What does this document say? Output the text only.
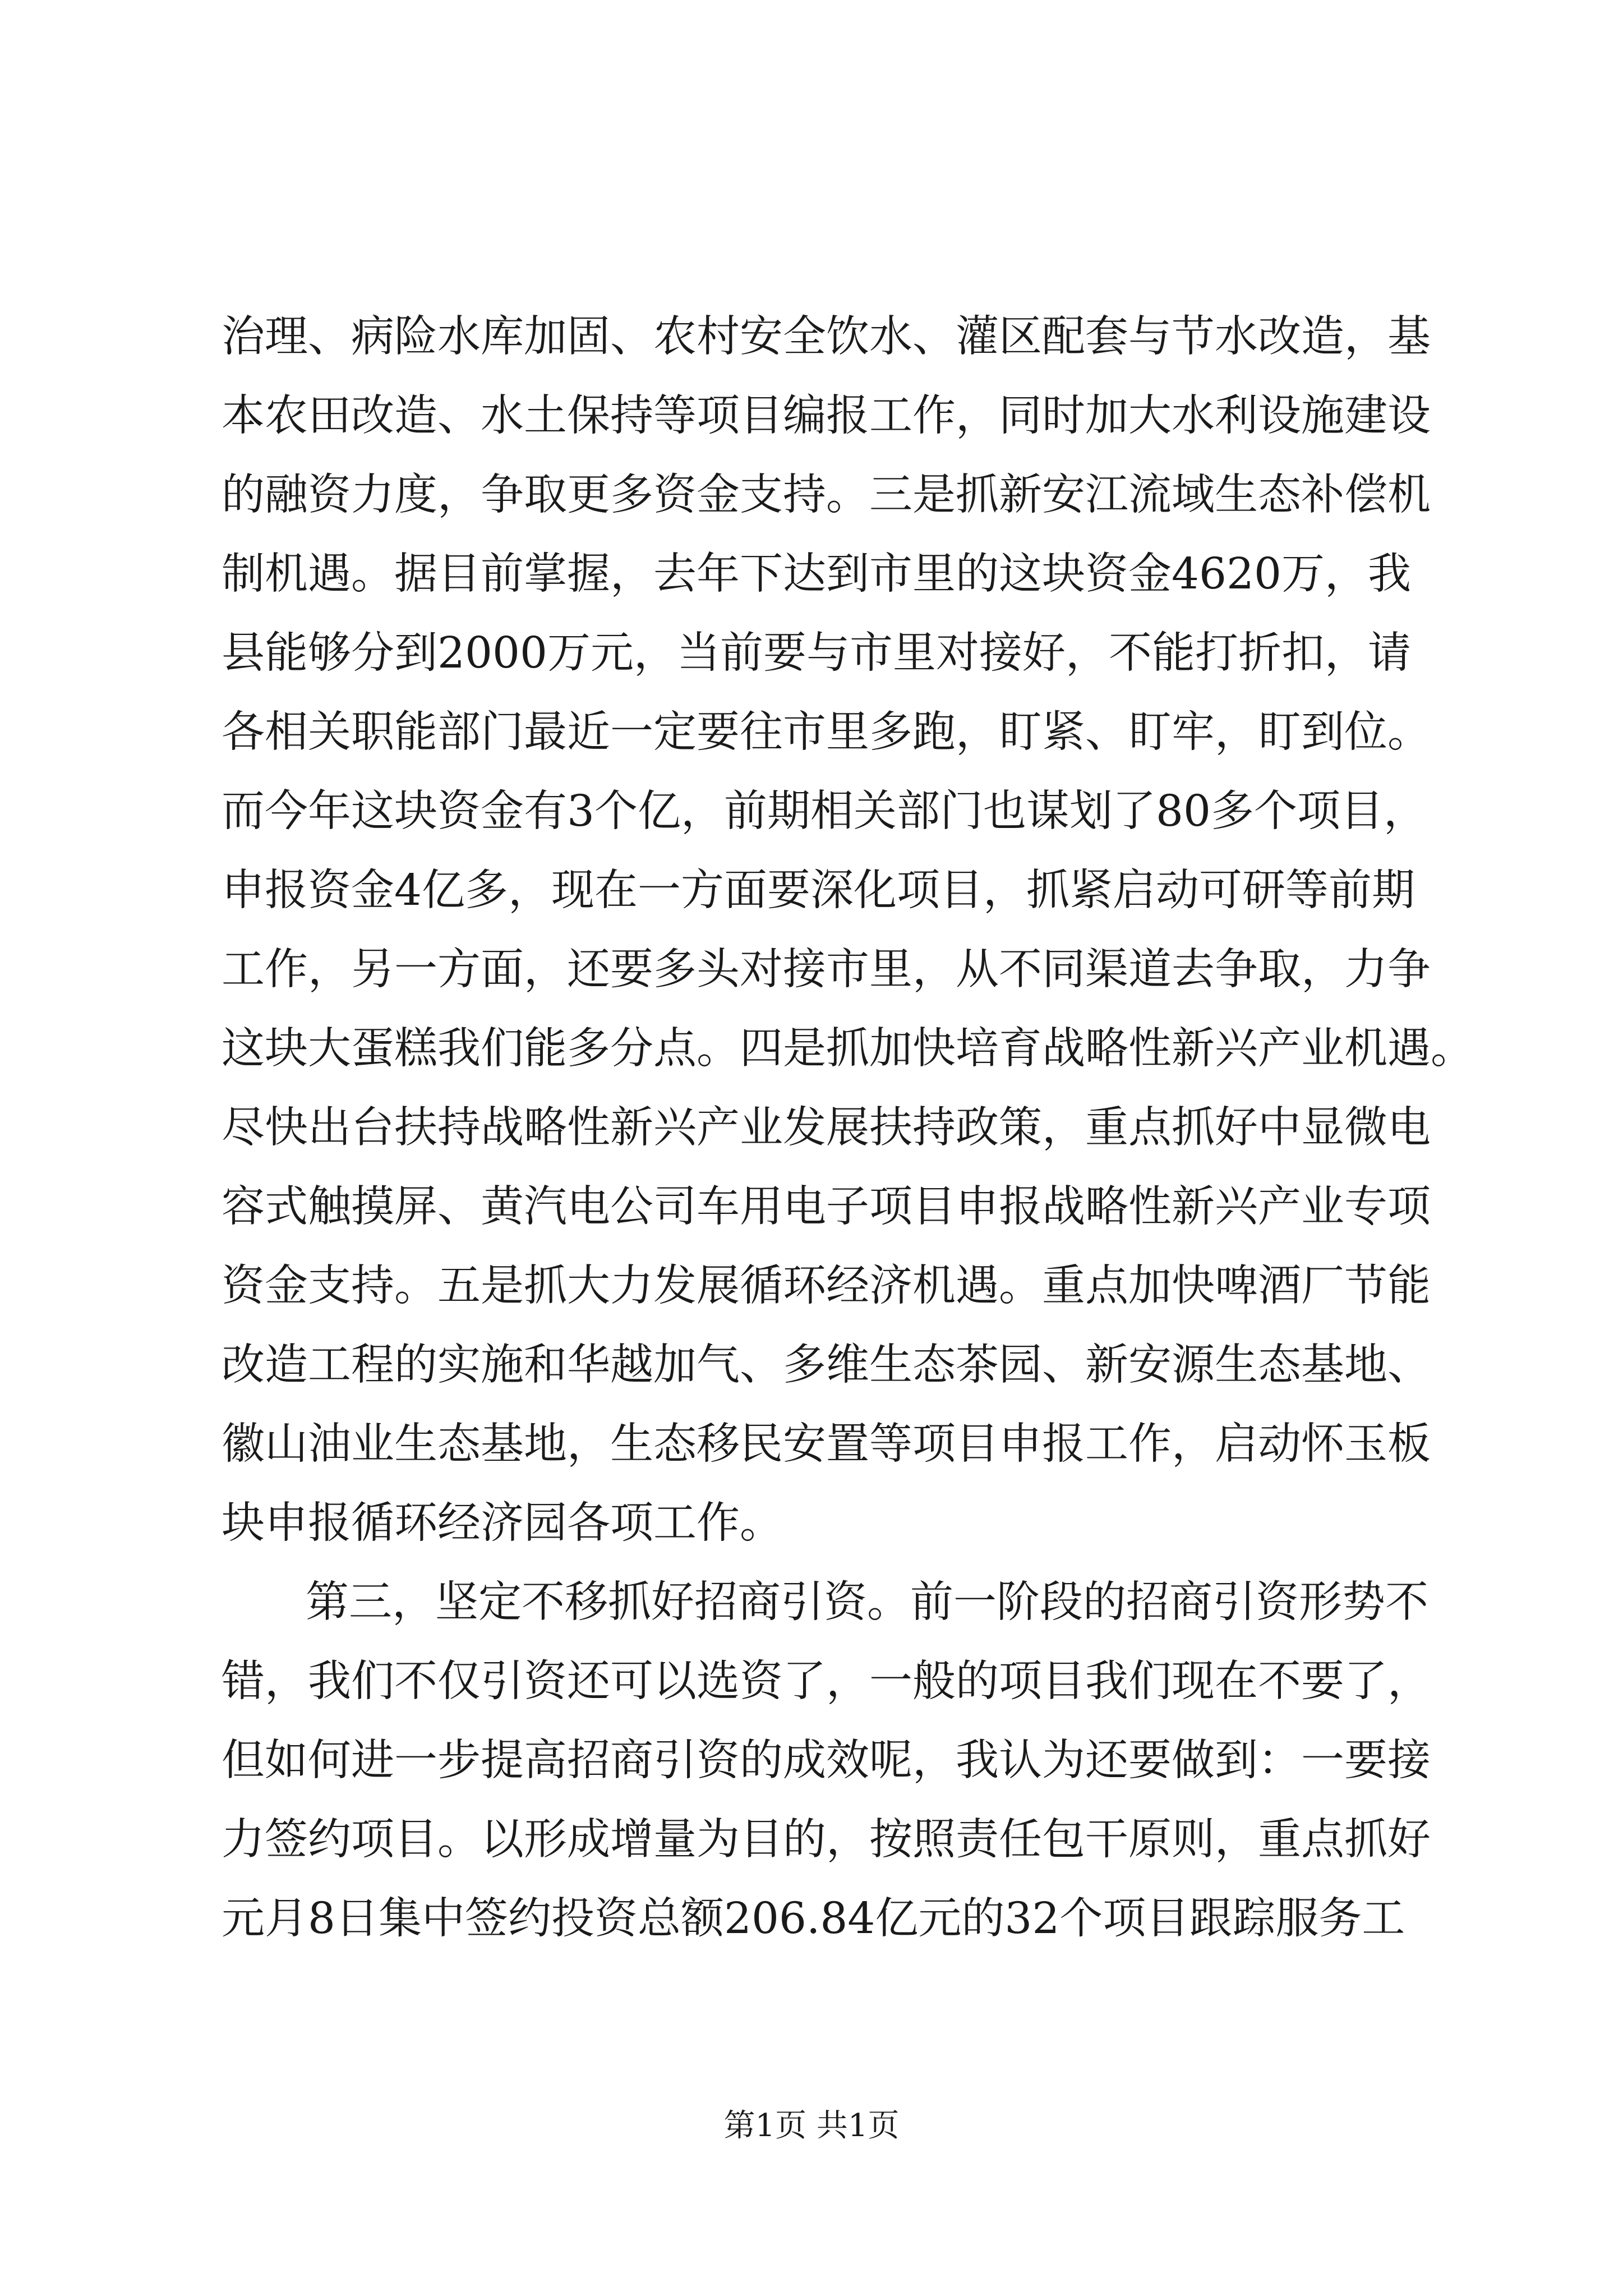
治理、病险水库加固、农村安全饮水、灌区配套与节水改造，基
本农田改造、水土保持等项目编报工作，同时加大水利设施建设
的融资力度，争取更多资金支持。三是抓新安江流域生态补偿机
制机遇。据目前掌握，去年下达到市里的这块资金4620万，我
县能够分到2000万元，当前要与市里对接好，不能打折扣，请
各相关职能部门最近一定要往市里多跑，盯紧、盯牢，盯到位。
而今年这块资金有3个亿，前期相关部门也谋划了80多个项目，
申报资金4亿多，现在一方面要深化项目，抓紧启动可研等前期
工作，另一方面，还要多头对接市里，从不同渠道去争取，力争
这块大蛋糕我们能多分点。四是抓加快培育战略性新兴产业机遇。
尽快出台扶持战略性新兴产业发展扶持政策，重点抓好中显微电
容式触摸屏、黄汽电公司车用电子项目申报战略性新兴产业专项
资金支持。五是抓大力发展循环经济机遇。重点加快啤酒厂节能
改造工程的实施和华越加气、多维生态茶园、新安源生态基地、
徽山油业生态基地，生态移民安置等项目申报工作，启动怀玉板
块申报循环经济园各项工作。
第三，坚定不移抓好招商引资。前一阶段的招商引资形势不
错，我们不仅引资还可以选资了，一般的项目我们现在不要了，
但如何进一步提高招商引资的成效呢，我认为还要做到：一要接
力签约项目。以形成增量为目的，按照责任包干原则，重点抓好
元月8日集中签约投资总额206.84亿元的32个项目跟踪服务工
第1页 共1页
